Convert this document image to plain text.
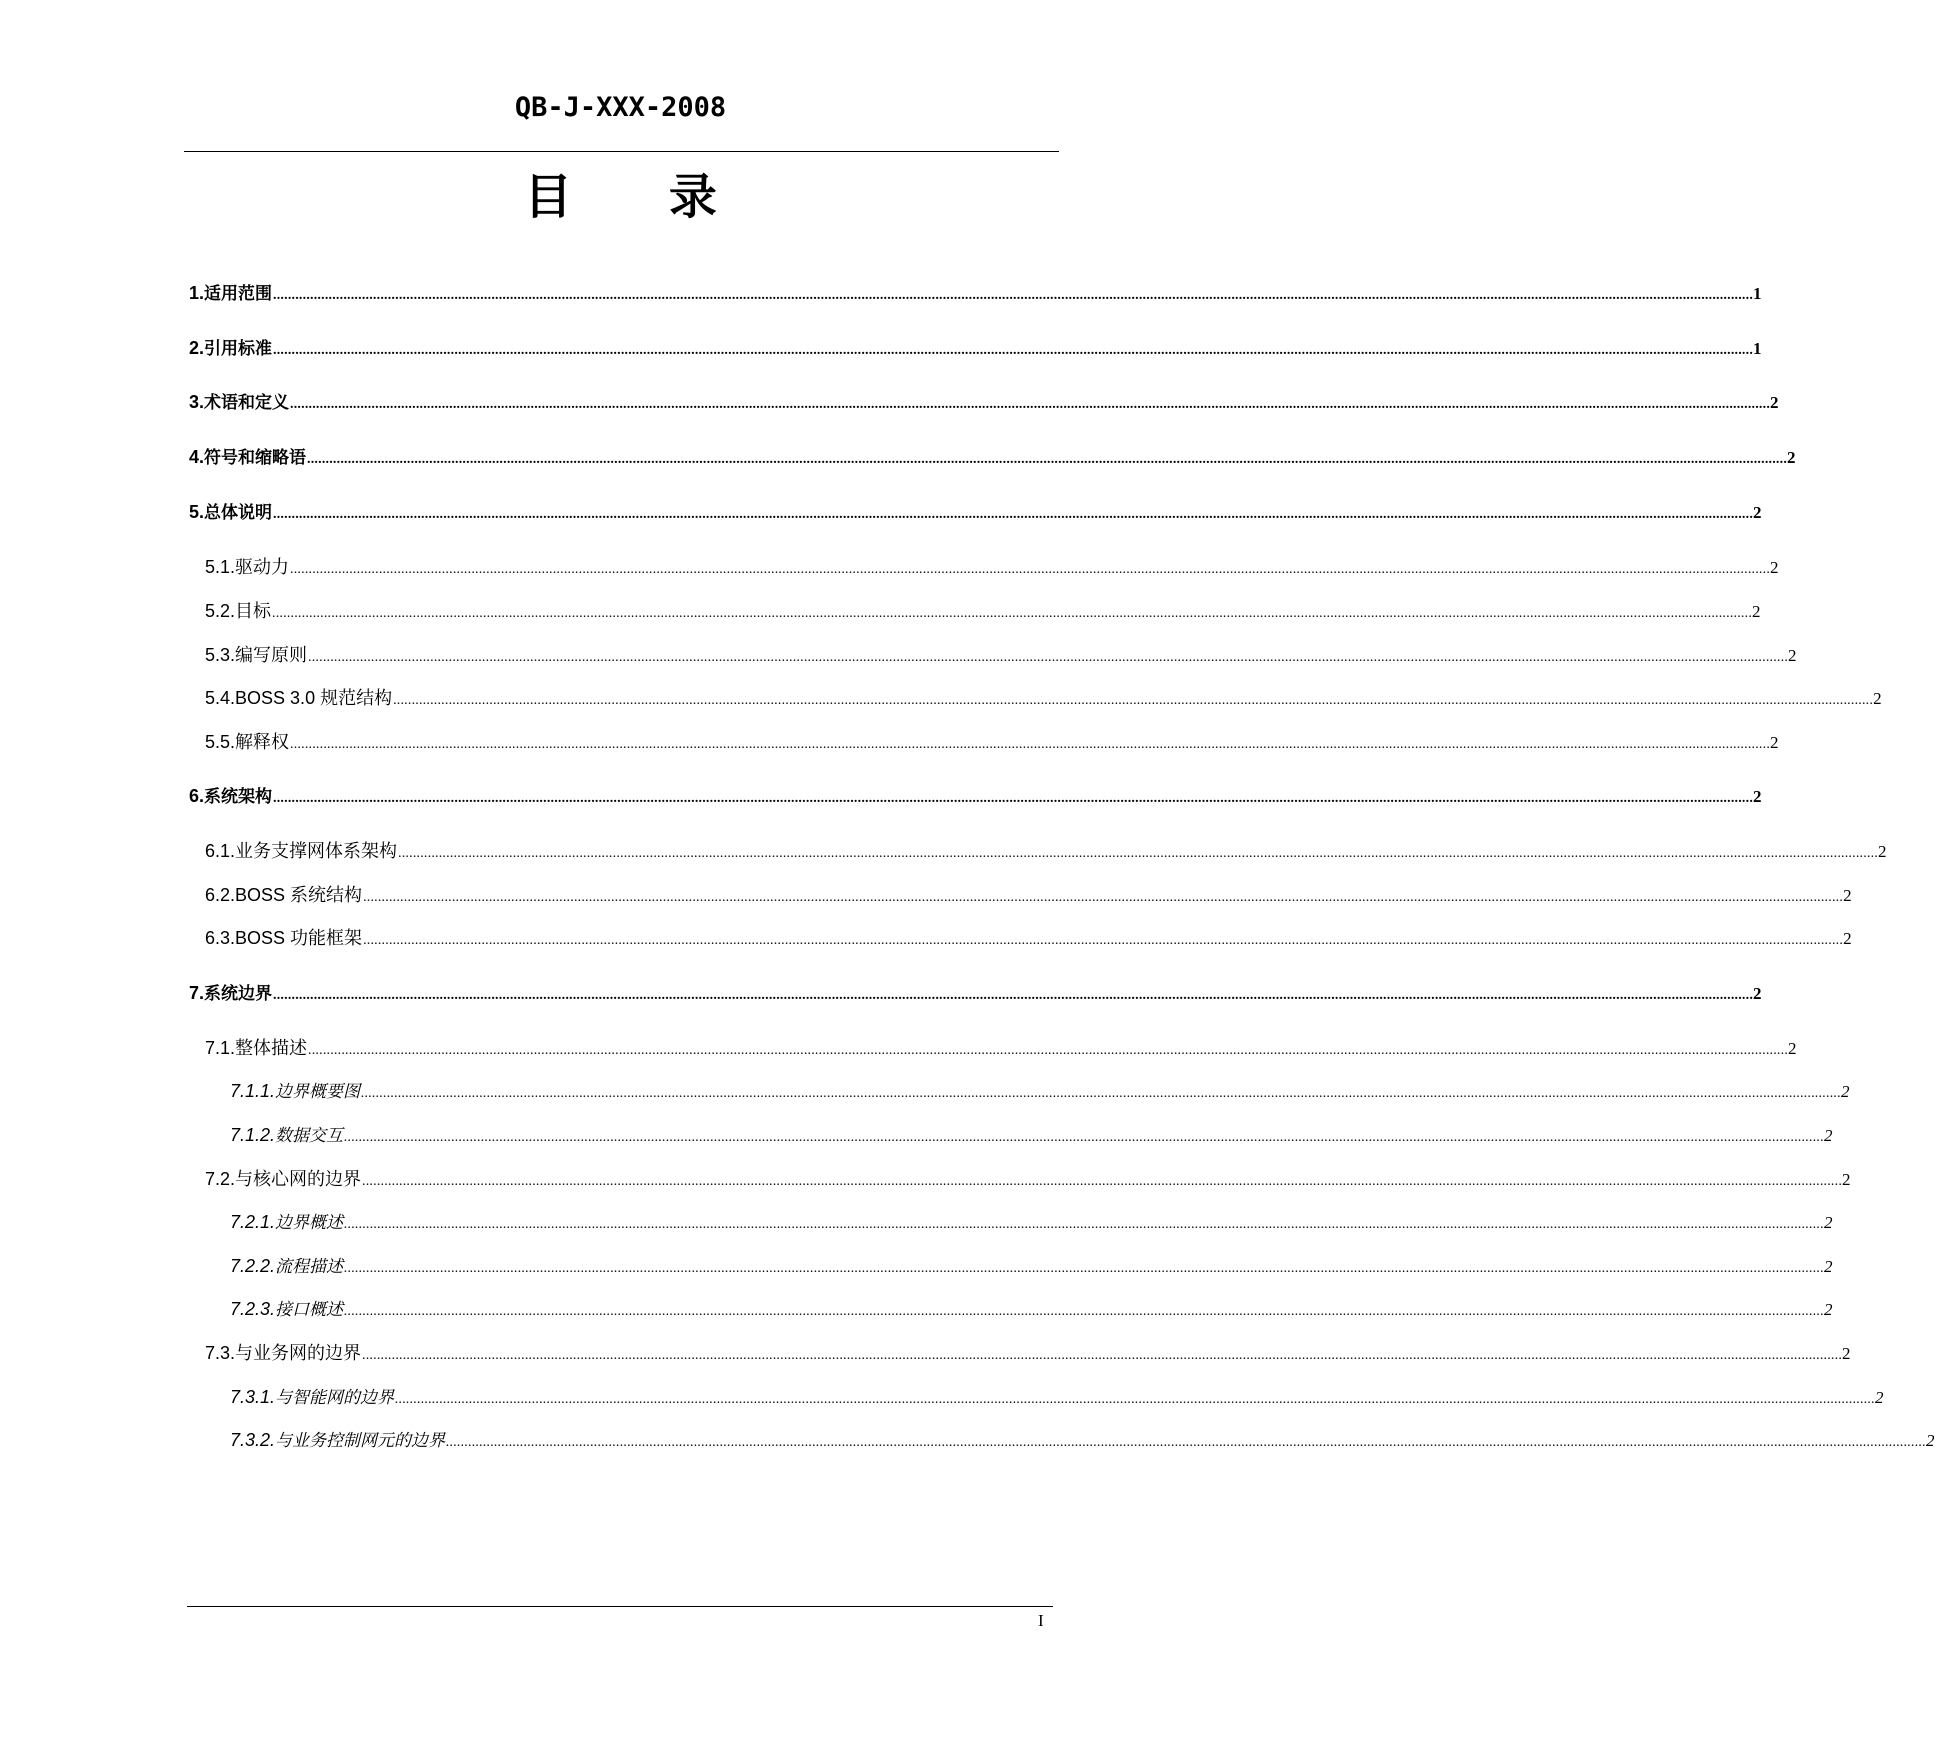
QB-J-XXX-2008
目 录
1. 适用范围 ................................................................................................................................................................................................................................................................................................................................................................................................................ 1
2. 引用标准 ................................................................................................................................................................................................................................................................................................................................................................................................................ 1
3. 术语和定义 ................................................................................................................................................................................................................................................................................................................................................................................................................ 2
4. 符号和缩略语 ................................................................................................................................................................................................................................................................................................................................................................................................................ 2
5. 总体说明 ................................................................................................................................................................................................................................................................................................................................................................................................................ 2
5.1. 驱动力 ................................................................................................................................................................................................................................................................................................................................................................................................................ 2
5.2. 目标 ................................................................................................................................................................................................................................................................................................................................................................................................................ 2
5.3. 编写原则 ................................................................................................................................................................................................................................................................................................................................................................................................................ 2
5.4. BOSS 3.0 规范结构 ................................................................................................................................................................................................................................................................................................................................................................................................................ 2
5.5. 解释权 ................................................................................................................................................................................................................................................................................................................................................................................................................ 2
6. 系统架构 ................................................................................................................................................................................................................................................................................................................................................................................................................ 2
6.1. 业务支撑网体系架构 ................................................................................................................................................................................................................................................................................................................................................................................................................ 2
6.2. BOSS 系统结构 ................................................................................................................................................................................................................................................................................................................................................................................................................ 2
6.3. BOSS 功能框架 ................................................................................................................................................................................................................................................................................................................................................................................................................ 2
7. 系统边界 ................................................................................................................................................................................................................................................................................................................................................................................................................ 2
7.1. 整体描述 ................................................................................................................................................................................................................................................................................................................................................................................................................ 2
7.1.1. 边界概要图 ................................................................................................................................................................................................................................................................................................................................................................................................................ 2
7.1.2. 数据交互 ................................................................................................................................................................................................................................................................................................................................................................................................................ 2
7.2. 与核心网的边界 ................................................................................................................................................................................................................................................................................................................................................................................................................ 2
7.2.1. 边界概述 ................................................................................................................................................................................................................................................................................................................................................................................................................ 2
7.2.2. 流程描述 ................................................................................................................................................................................................................................................................................................................................................................................................................ 2
7.2.3. 接口概述 ................................................................................................................................................................................................................................................................................................................................................................................................................ 2
7.3. 与业务网的边界 ................................................................................................................................................................................................................................................................................................................................................................................................................ 2
7.3.1. 与智能网的边界 ................................................................................................................................................................................................................................................................................................................................................................................................................ 2
7.3.2. 与业务控制网元的边界 ................................................................................................................................................................................................................................................................................................................................................................................................................ 2
I
